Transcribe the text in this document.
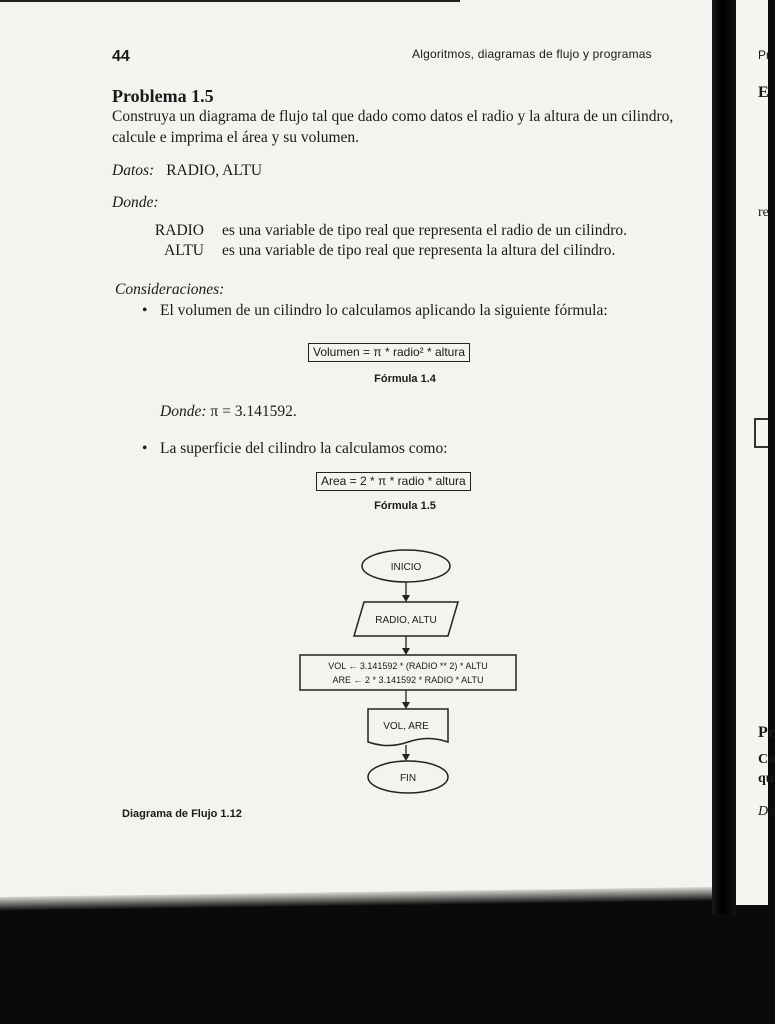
44	Algoritmos, diagramas de flujo y programas
Problema 1.5
Construya un diagrama de flujo tal que dado como datos el radio y la altura de un cilindro, calcule e imprima el área y su volumen.
Datos: RADIO, ALTU
Donde:
RADIO es una variable de tipo real que representa el radio de un cilindro.
ALTU es una variable de tipo real que representa la altura del cilindro.
Consideraciones:
• El volumen de un cilindro lo calculamos aplicando la siguiente fórmula:
Volumen = π * radio² * altura
Fórmula 1.4
Donde: π = 3.141592.
• La superficie del cilindro la calculamos como:
Area = 2 * π * radio * altura
Fórmula 1.5
INICIO
RADIO, ALTU
VOL ← 3.141592 * (RADIO ** 2) * ALTU
ARE ← 2 * 3.141592 * RADIO * ALTU
VOL, ARE
FIN
Diagrama de Flujo 1.12
Pr
E
re
Pr
Co
qu
Da
